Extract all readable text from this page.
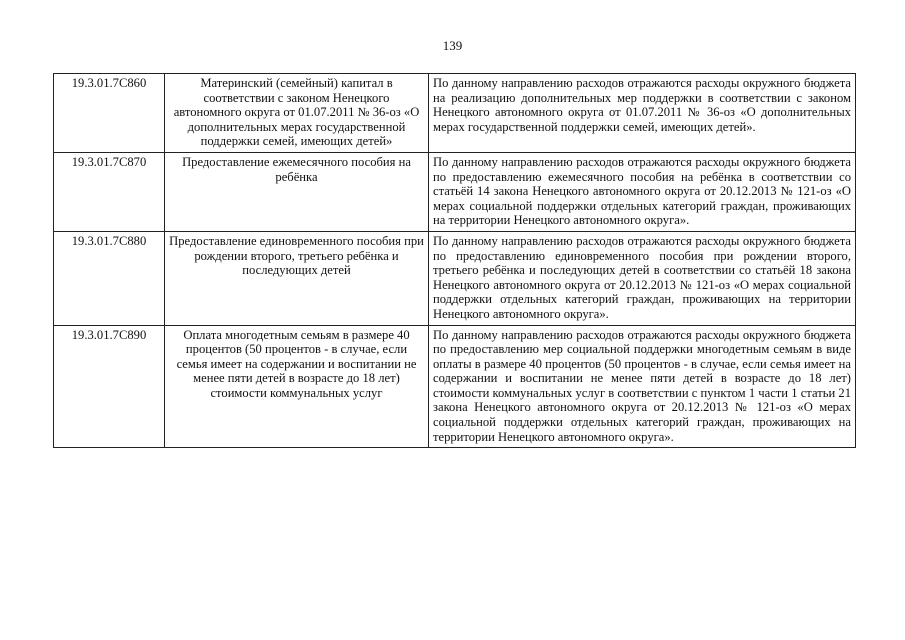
139
19.3.01.7C860	Материнский (семейный) капитал в соответствии с законом Ненецкого автономного округа от 01.07.2011 № 36-оз «О дополнительных мерах государственной поддержки семей, имеющих детей»	По данному направлению расходов отражаются расходы окружного бюджета на реализацию дополнительных мер поддержки в соответствии с законом Ненецкого автономного округа от 01.07.2011 № 36-оз «О дополнительных мерах государственной поддержки семей, имеющих детей».
19.3.01.7C870	Предоставление ежемесячного пособия на ребёнка	По данному направлению расходов отражаются расходы окружного бюджета по предоставлению ежемесячного пособия на ребёнка в соответствии со статьёй 14 закона Ненецкого автономного округа от 20.12.2013 № 121-оз «О мерах социальной поддержки отдельных категорий граждан, проживающих на территории Ненецкого автономного округа».
19.3.01.7C880	Предоставление единовременного пособия при рождении второго, третьего ребёнка и последующих детей	По данному направлению расходов отражаются расходы окружного бюджета по предоставлению единовременного пособия при рождении второго, третьего ребёнка и последующих детей в соответствии со статьёй 18 закона Ненецкого автономного округа от 20.12.2013 № 121-оз «О мерах социальной поддержки отдельных категорий граждан, проживающих на территории Ненецкого автономного округа».
19.3.01.7C890	Оплата многодетным семьям в размере 40 процентов (50 процентов - в случае, если семья имеет на содержании и воспитании не менее пяти детей в возрасте до 18 лет) стоимости коммунальных услуг	По данному направлению расходов отражаются расходы окружного бюджета по предоставлению мер социальной поддержки многодетным семьям в виде оплаты в размере 40 процентов (50 процентов - в случае, если семья имеет на содержании и воспитании не менее пяти детей в возрасте до 18 лет) стоимости коммунальных услуг в соответствии с пунктом 1 части 1 статьи 21 закона Ненецкого автономного округа от 20.12.2013 № 121-оз «О мерах социальной поддержки отдельных категорий граждан, проживающих на территории Ненецкого автономного округа».
